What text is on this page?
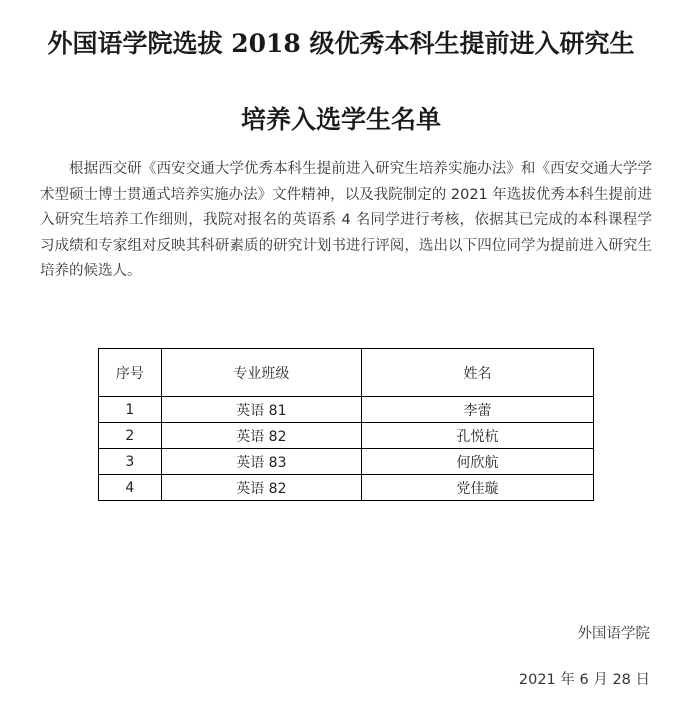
外国语学院选拔 2018 级优秀本科生提前进入研究生
培养入选学生名单

根据西交研《西安交通大学优秀本科生提前进入研究生培养实施办法》和《西安交通大学学术型硕士博士贯通式培养实施办法》文件精神，以及我院制定的 2021 年选拔优秀本科生提前进入研究生培养工作细则，我院对报名的英语系 4 名同学进行考核，依据其已完成的本科课程学习成绩和专家组对反映其科研素质的研究计划书进行评阅，选出以下四位同学为提前进入研究生培养的候选人。

序号	专业班级	姓名
1	英语 81	李蕾
2	英语 82	孔悦杭
3	英语 83	何欣航
4	英语 82	党佳璇
外国语学院
2021 年 6 月 28 日
